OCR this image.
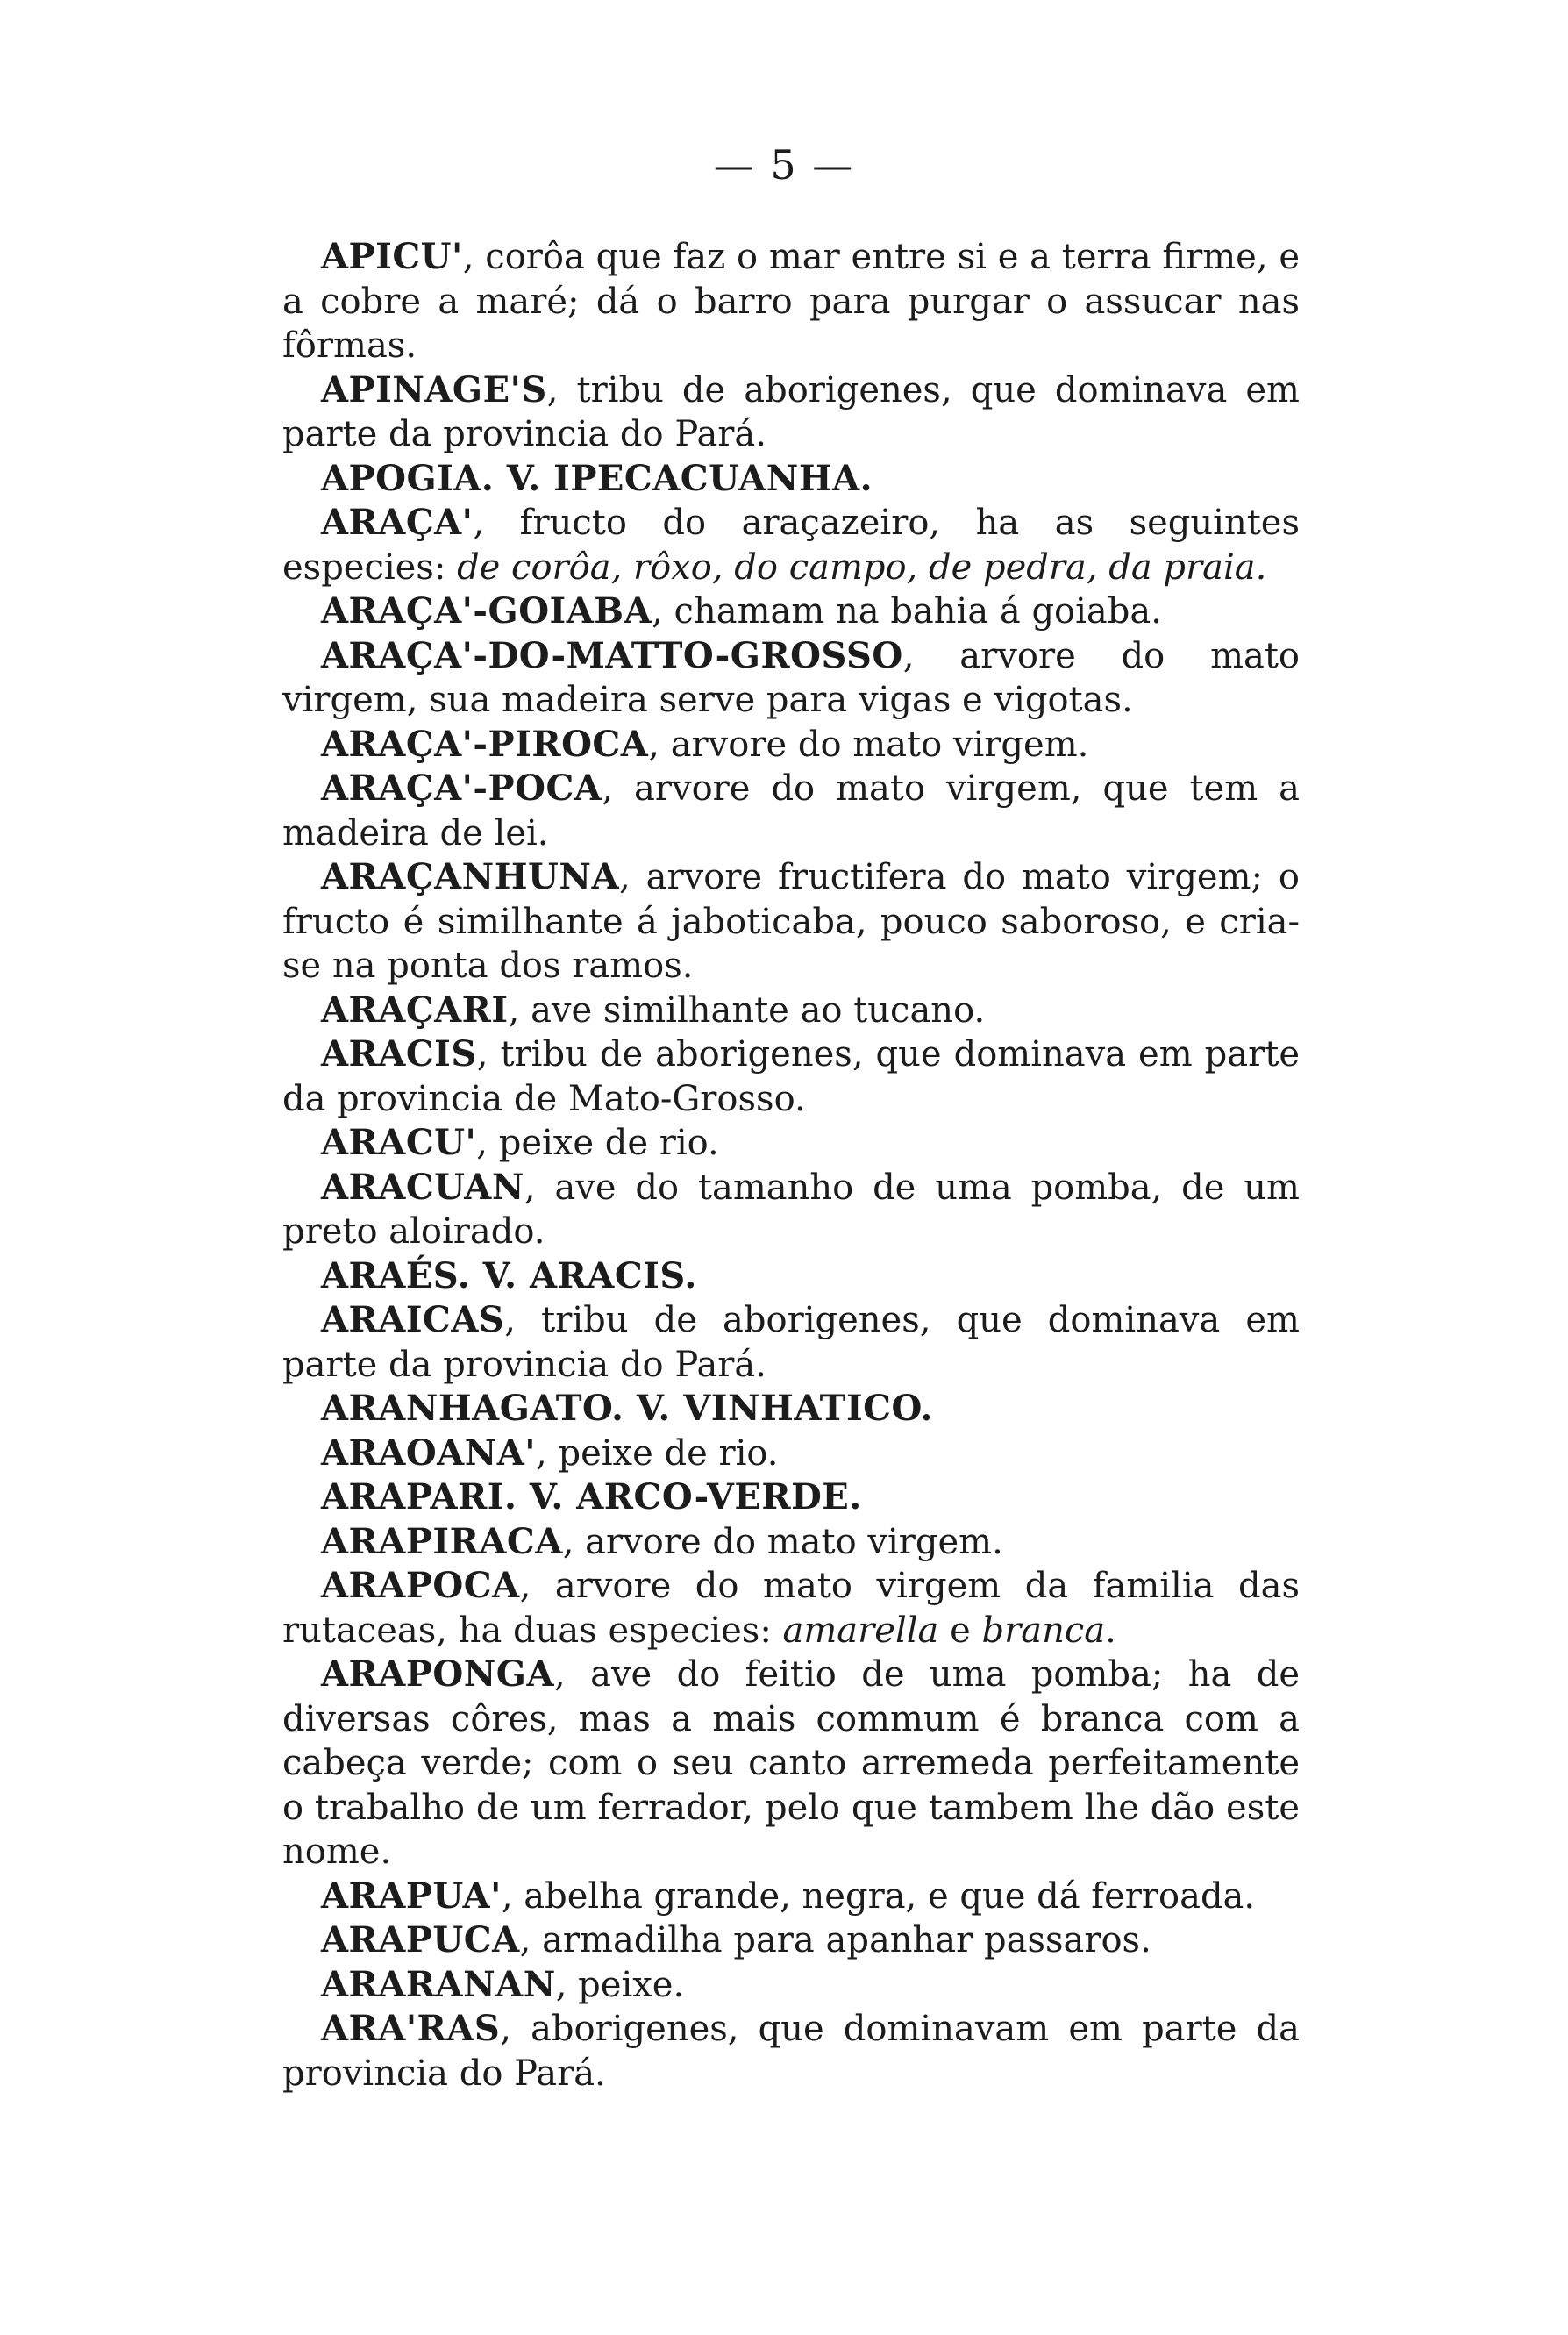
— 5 —

APICU', corôa que faz o mar entre si e a terra firme, e a cobre a maré; dá o barro para purgar o assucar nas fôrmas.

APINAGE'S, tribu de aborigenes, que dominava em parte da provincia do Pará.

APOGIA. V. IPECACUANHA.

ARAÇA', fructo do araçazeiro, ha as seguintes especies: de corôa, rôxo, do campo, de pedra, da praia.

ARAÇA'-GOIABA, chamam na bahia á goiaba.

ARAÇA'-DO-MATTO-GROSSO, arvore do mato virgem, sua madeira serve para vigas e vigotas.

ARAÇA'-PIROCA, arvore do mato virgem.

ARAÇA'-POCA, arvore do mato virgem, que tem a madeira de lei.

ARAÇANHUNA, arvore fructifera do mato virgem; o fructo é similhante á jaboticaba, pouco saboroso, e cria-se na ponta dos ramos.

ARAÇARI, ave similhante ao tucano.

ARACIS, tribu de aborigenes, que dominava em parte da provincia de Mato-Grosso.

ARACU', peixe de rio.

ARACUAN, ave do tamanho de uma pomba, de um preto aloirado.

ARAÉS. V. ARACIS.

ARAICAS, tribu de aborigenes, que dominava em parte da provincia do Pará.

ARANHAGATO. V. VINHATICO.

ARAOANA', peixe de rio.

ARAPARI. V. ARCO-VERDE.

ARAPIRACA, arvore do mato virgem.

ARAPOCA, arvore do mato virgem da familia das rutaceas, ha duas especies: amarella e branca.

ARAPONGA, ave do feitio de uma pomba; ha de diversas côres, mas a mais commum é branca com a cabeça verde; com o seu canto arremeda perfeitamente o trabalho de um ferrador, pelo que tambem lhe dão este nome.

ARAPUA', abelha grande, negra, e que dá ferroada.

ARAPUCA, armadilha para apanhar passaros.

ARARANAN, peixe.

ARA'RAS, aborigenes, que dominavam em parte da provincia do Pará.
